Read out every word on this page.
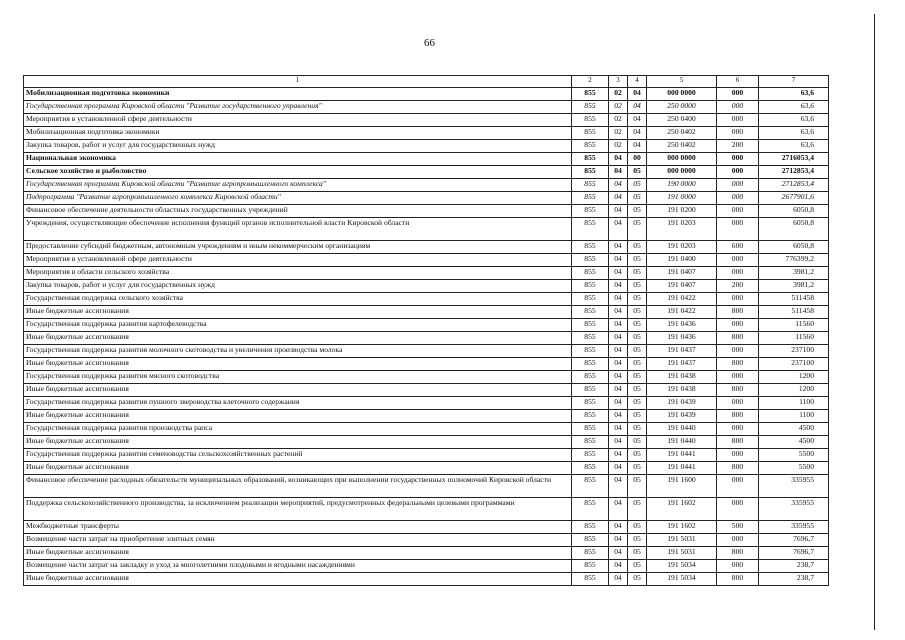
66
1	2	3	4	5	6	7
Мобилизационная подготовка экономики	855	02	04	000 0000	000	63,6
Государственная программа Кировской области "Развитие государственного управления"	855	02	04	250 0000	000	63,6
Мероприятия в установленной сфере деятельности	855	02	04	250 0400	000	63,6
Мобилизационная подготовка экономики	855	02	04	250 0402	000	63,6
Закупка товаров, работ и услуг для государственных нужд	855	02	04	250 0402	200	63,6
Национальная экономика	855	04	00	000 0000	000	2716053,4
Сельское хозяйство и рыболовство	855	04	05	000 0000	000	2712853,4
Государственная программа Кировской области "Развитие агропромышленного комплекса"	855	04	05	190 0000	000	2712853,4
Подпрограмма "Развитие агропромышленного комплекса Кировской области"	855	04	05	191 0000	000	2677901,6
Финансовое обеспечение деятельности областных государственных учреждений	855	04	05	191 0200	000	6050,8
Учреждения, осуществляющие обеспечение исполнения функций органов исполнительной власти Кировской области	855	04	05	191 0203	000	6050,8
Предоставление субсидий бюджетным, автономным учреждениям и иным некоммерческим организациям	855	04	05	191 0203	600	6050,8
Мероприятия в установленной сфере деятельности	855	04	05	191 0400	000	776399,2
Мероприятия в области сельского хозяйства	855	04	05	191 0407	000	3981,2
Закупка товаров, работ и услуг для государственных нужд	855	04	05	191 0407	200	3981,2
Государственная поддержка сельского хозяйства	855	04	05	191 0422	000	511458
Иные бюджетные ассигнования	855	04	05	191 0422	800	511458
Государственная поддержка развития картофелеводства	855	04	05	191 0436	000	11560
Иные бюджетные ассигнования	855	04	05	191 0436	800	11560
Государственная поддержка развития молочного скотоводства и увеличения производства молока	855	04	05	191 0437	000	237100
Иные бюджетные ассигнования	855	04	05	191 0437	800	237100
Государственная поддержка развития мясного скотоводства	855	04	05	191 0438	000	1200
Иные бюджетные ассигнования	855	04	05	191 0438	800	1200
Государственная поддержка развития пушного звероводства клеточного содержания	855	04	05	191 0439	000	1100
Иные бюджетные ассигнования	855	04	05	191 0439	800	1100
Государственная поддержка развития производства рапса	855	04	05	191 0440	000	4500
Иные бюджетные ассигнования	855	04	05	191 0440	800	4500
Государственная поддержка развития семеноводства сельскохозяйственных растений	855	04	05	191 0441	000	5500
Иные бюджетные ассигнования	855	04	05	191 0441	800	5500
Финансовое обеспечение расходных обязательств муниципальных образований, возникающих при выполнении государственных полномочий Кировской области	855	04	05	191 1600	000	335955
Поддержка сельскохозяйственного производства, за исключением реализации мероприятий, предусмотренных федеральными целевыми программами	855	04	05	191 1602	000	335955
Межбюджетные трансферты	855	04	05	191 1602	500	335955
Возмещение части затрат на приобретение элитных семян	855	04	05	191 5031	000	7696,7
Иные бюджетные ассигнования	855	04	05	191 5031	800	7696,7
Возмещение части затрат на закладку и уход за многолетними плодовыми и ягодными насаждениями	855	04	05	191 5034	000	238,7
Иные бюджетные ассигнования	855	04	05	191 5034	800	238,7
